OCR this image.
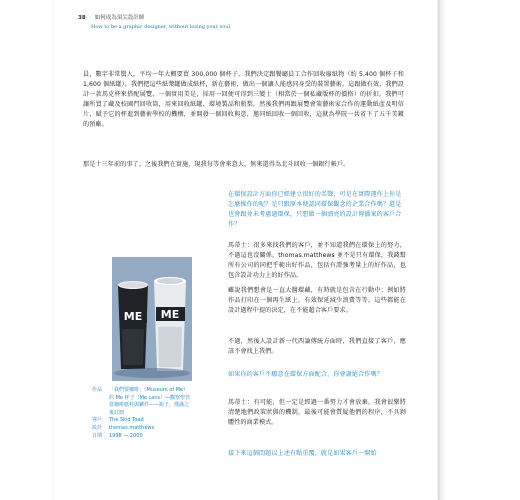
38 如何成為頂尖設計師
How to be a graphic designer, without losing your soul
員，數字非常驚人，平均一年大概要買 300,000 個杯子。我們決定跟餐廳員工合作回收廢紙物（約 5,400 個杯子和 1,600 個紙罐）。我們把這些紙漿罐做成紙杯，新在藝術，做出一個讓人能感同身受的裝置藝術。這跟做有效，我們設計一款馬克杯來搭配展覽，一個實用美是，採用一回便可得到三變士（相當於一個私藏版杯的價格）的折扣。我們可讓所買了藏及校園門回收筒，用來回收紙罐、環境製品和瓶梨。然後我們再跟展覽會策藝術家合作的運動紙產及明信片，賦予它的杯進到藝術學校的機構，並開發一個回收與意，邀同紙回收一個回收，這就為學院一共省下了五千美鍍的預廠。
那是十三年前的事了。之後我們在實施，現我每等會來意大，無來還得為北斗回收一個銀行帳戶。
在環保設計方面你已經建立很好的名聲，可是在實際運作上你是怎麼操作的呢？是只跟原本便認同環保觀念的企業合作嗎？還是也會跟並未考慮過環保，只想做一個漂亮的設計傳播案的客戶合作？
馬蒂士：很多來找我們的客戶，並不知道我們在環保上的努力，不過這也沒關係。thomas.matthews 並不是只有環保，我錢幫所有公司的同把乎範出好作品，包括有證強考量上的好作品，也包含設計功力上的好作品。
雖說我們想會是一直大醫環藏，有時就是包含在行動中；例如將作品打印在一個再生紙上，有效保延減少浪費等等。這些都能在設計過程中提的決定，在不能超合客戶要求。
不過，然後人設計新一代西論傳統方面時，我們直接了客戶，應該不會找上我們。
如果你的客戶不願意在環保方面配合，你會謝絕合作嗎？
馬蒂士：有可能，但一定是經過一番努力才會放棄。我會很樂將清楚地們政策狀與的機制，最後可能會質疑他們的程序，不具剝體性的商業模式。
接下來這個問題以上述有點重覆，就是如果客戶一開始
ME ME
作品	「我們要咖啡」（Museum of Me）的 Me 杯子（Me.cans）—觀察學管當咖啡紙杯與罐件——瓶子，僅滿之後註冊
客戶	The Skid Toad
設計	thomas.matthews
日期	1998 — 2000
